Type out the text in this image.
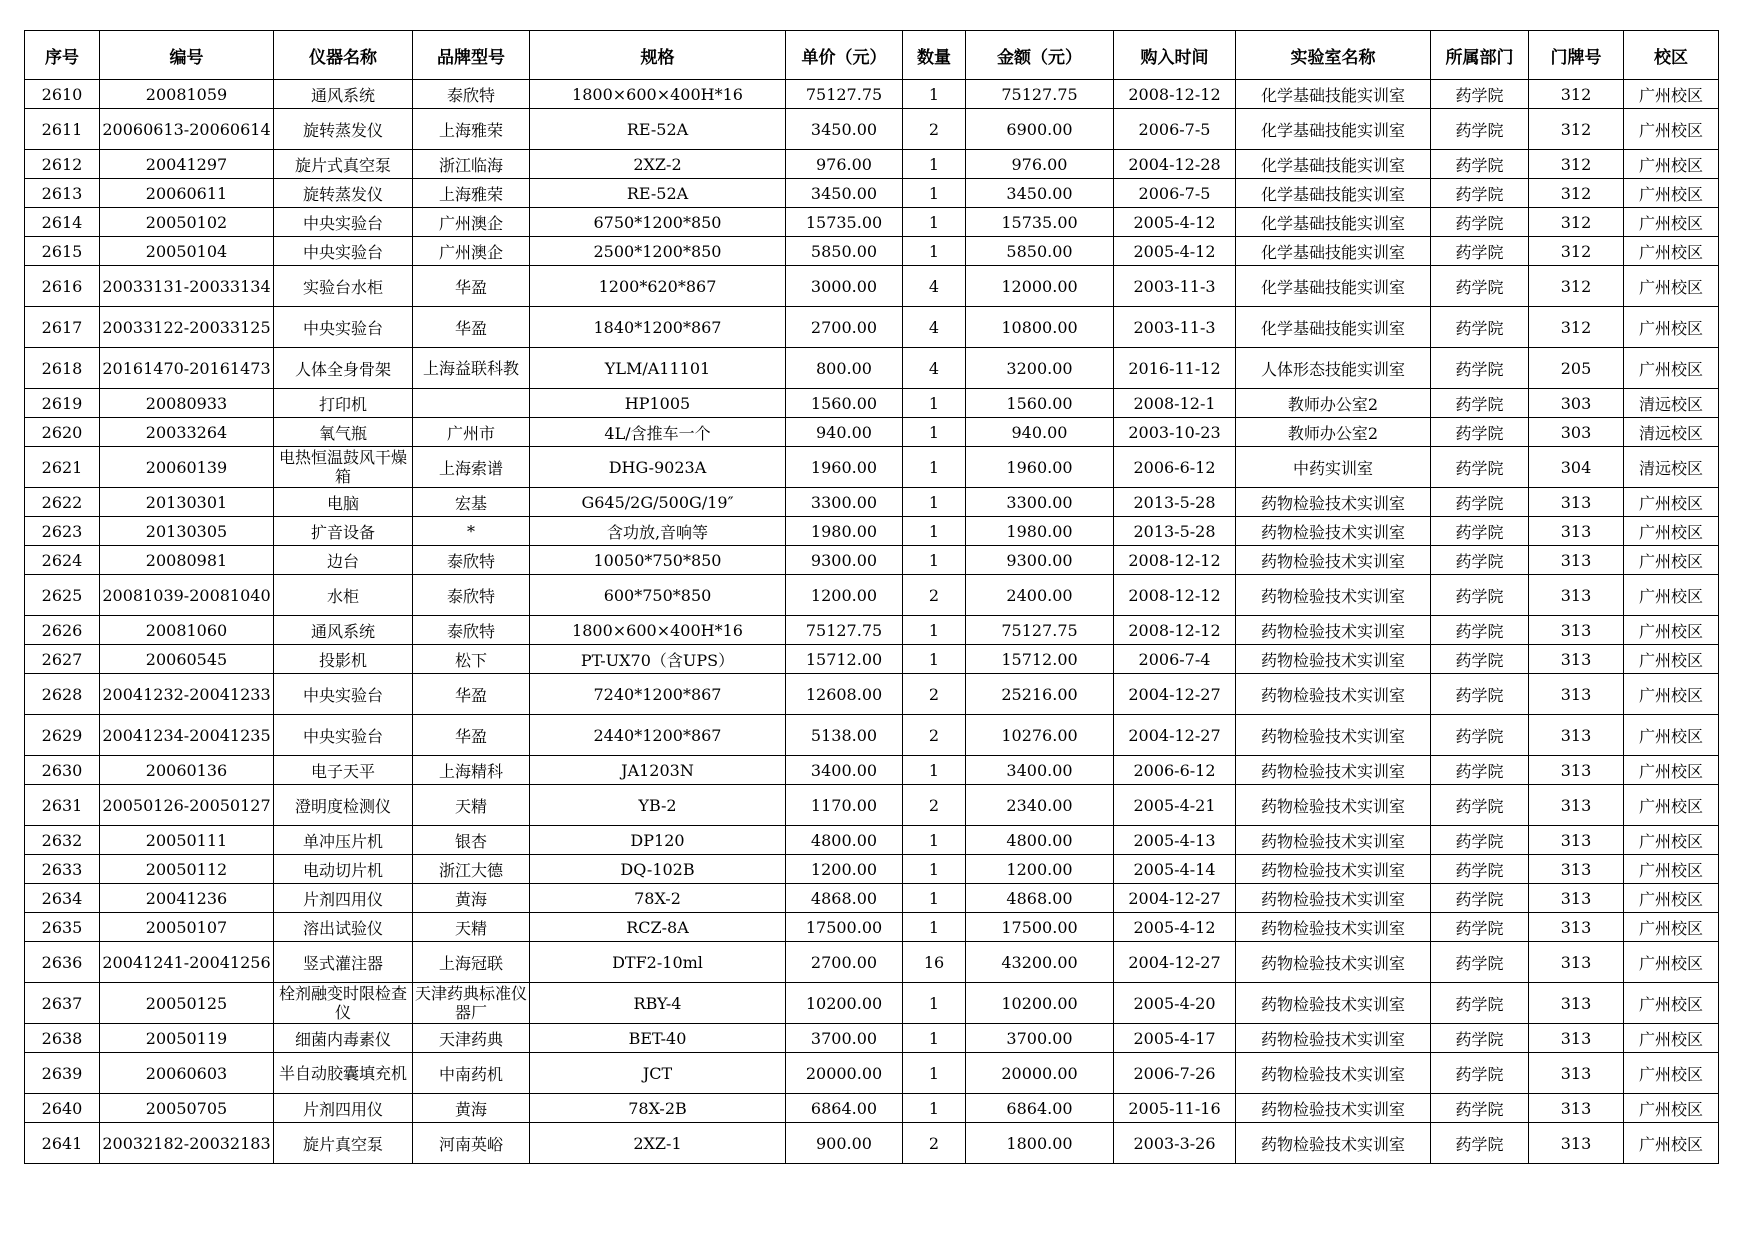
序号	编号	仪器名称	品牌型号	规格	单价（元）	数量	金额（元）	购入时间	实验室名称	所属部门	门牌号	校区
2610	20081059	通风系统	泰欣特	1800×600×400H*16	75127.75	1	75127.75	2008-12-12	化学基础技能实训室	药学院	312	广州校区
2611	20060613-20060614	旋转蒸发仪	上海雅荣	RE-52A	3450.00	2	6900.00	2006-7-5	化学基础技能实训室	药学院	312	广州校区
2612	20041297	旋片式真空泵	浙江临海	2XZ-2	976.00	1	976.00	2004-12-28	化学基础技能实训室	药学院	312	广州校区
2613	20060611	旋转蒸发仪	上海雅荣	RE-52A	3450.00	1	3450.00	2006-7-5	化学基础技能实训室	药学院	312	广州校区
2614	20050102	中央实验台	广州澳企	6750*1200*850	15735.00	1	15735.00	2005-4-12	化学基础技能实训室	药学院	312	广州校区
2615	20050104	中央实验台	广州澳企	2500*1200*850	5850.00	1	5850.00	2005-4-12	化学基础技能实训室	药学院	312	广州校区
2616	20033131-20033134	实验台水柜	华盈	1200*620*867	3000.00	4	12000.00	2003-11-3	化学基础技能实训室	药学院	312	广州校区
2617	20033122-20033125	中央实验台	华盈	1840*1200*867	2700.00	4	10800.00	2003-11-3	化学基础技能实训室	药学院	312	广州校区
2618	20161470-20161473	人体全身骨架	上海益联科教	YLM/A11101	800.00	4	3200.00	2016-11-12	人体形态技能实训室	药学院	205	广州校区
2619	20080933	打印机		HP1005	1560.00	1	1560.00	2008-12-1	教师办公室2	药学院	303	清远校区
2620	20033264	氧气瓶	广州市	4L/含推车一个	940.00	1	940.00	2003-10-23	教师办公室2	药学院	303	清远校区
2621	20060139	电热恒温鼓风干燥箱	上海索谱	DHG-9023A	1960.00	1	1960.00	2006-6-12	中药实训室	药学院	304	清远校区
2622	20130301	电脑	宏基	G645/2G/500G/19″	3300.00	1	3300.00	2013-5-28	药物检验技术实训室	药学院	313	广州校区
2623	20130305	扩音设备	*	含功放,音响等	1980.00	1	1980.00	2013-5-28	药物检验技术实训室	药学院	313	广州校区
2624	20080981	边台	泰欣特	10050*750*850	9300.00	1	9300.00	2008-12-12	药物检验技术实训室	药学院	313	广州校区
2625	20081039-20081040	水柜	泰欣特	600*750*850	1200.00	2	2400.00	2008-12-12	药物检验技术实训室	药学院	313	广州校区
2626	20081060	通风系统	泰欣特	1800×600×400H*16	75127.75	1	75127.75	2008-12-12	药物检验技术实训室	药学院	313	广州校区
2627	20060545	投影机	松下	PT-UX70（含UPS）	15712.00	1	15712.00	2006-7-4	药物检验技术实训室	药学院	313	广州校区
2628	20041232-20041233	中央实验台	华盈	7240*1200*867	12608.00	2	25216.00	2004-12-27	药物检验技术实训室	药学院	313	广州校区
2629	20041234-20041235	中央实验台	华盈	2440*1200*867	5138.00	2	10276.00	2004-12-27	药物检验技术实训室	药学院	313	广州校区
2630	20060136	电子天平	上海精科	JA1203N	3400.00	1	3400.00	2006-6-12	药物检验技术实训室	药学院	313	广州校区
2631	20050126-20050127	澄明度检测仪	天精	YB-2	1170.00	2	2340.00	2005-4-21	药物检验技术实训室	药学院	313	广州校区
2632	20050111	单冲压片机	银杏	DP120	4800.00	1	4800.00	2005-4-13	药物检验技术实训室	药学院	313	广州校区
2633	20050112	电动切片机	浙江大德	DQ-102B	1200.00	1	1200.00	2005-4-14	药物检验技术实训室	药学院	313	广州校区
2634	20041236	片剂四用仪	黄海	78X-2	4868.00	1	4868.00	2004-12-27	药物检验技术实训室	药学院	313	广州校区
2635	20050107	溶出试验仪	天精	RCZ-8A	17500.00	1	17500.00	2005-4-12	药物检验技术实训室	药学院	313	广州校区
2636	20041241-20041256	竖式灌注器	上海冠联	DTF2-10ml	2700.00	16	43200.00	2004-12-27	药物检验技术实训室	药学院	313	广州校区
2637	20050125	栓剂融变时限检查仪	天津药典标准仪器厂	RBY-4	10200.00	1	10200.00	2005-4-20	药物检验技术实训室	药学院	313	广州校区
2638	20050119	细菌内毒素仪	天津药典	BET-40	3700.00	1	3700.00	2005-4-17	药物检验技术实训室	药学院	313	广州校区
2639	20060603	半自动胶囊填充机	中南药机	JCT	20000.00	1	20000.00	2006-7-26	药物检验技术实训室	药学院	313	广州校区
2640	20050705	片剂四用仪	黄海	78X-2B	6864.00	1	6864.00	2005-11-16	药物检验技术实训室	药学院	313	广州校区
2641	20032182-20032183	旋片真空泵	河南英峪	2XZ-1	900.00	2	1800.00	2003-3-26	药物检验技术实训室	药学院	313	广州校区
